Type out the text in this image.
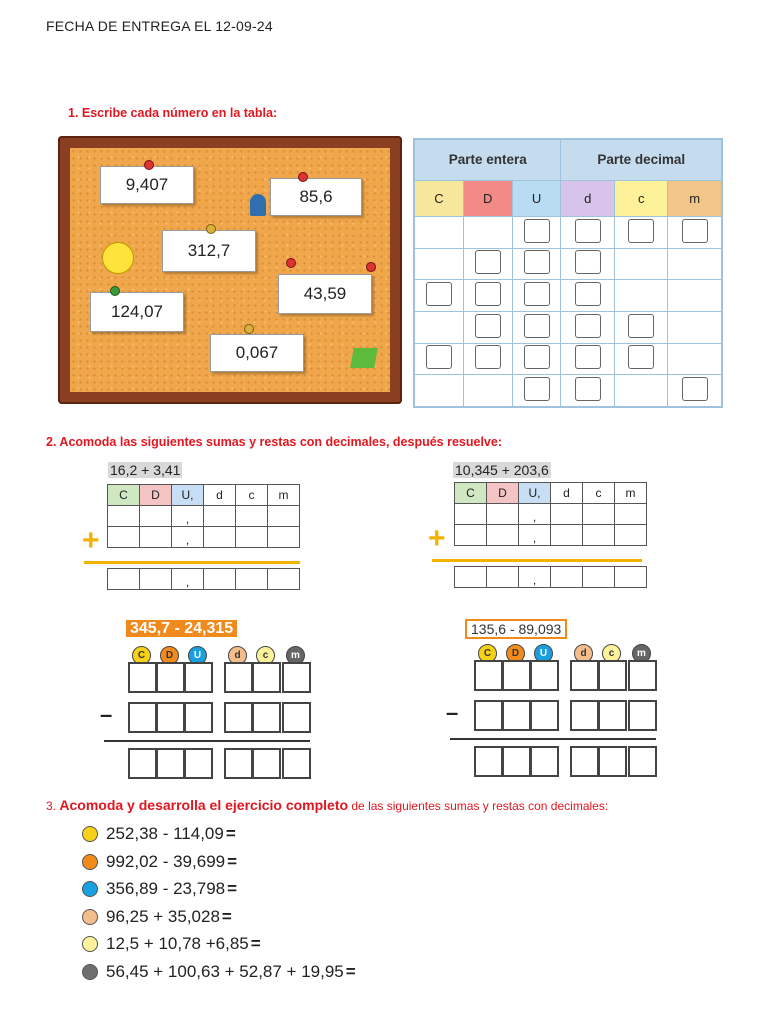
FECHA DE ENTREGA EL 12-09-24
1. Escribe cada número en la tabla:
9,407
85,6
312,7
43,59
124,07
0,067
Parte entera			Parte decimal		
C	D	U	d	c	m

2. Acomoda las siguientes sumas y restas con decimales, después resuelve:
16,2 + 3,41
C	D	U,	d	c	m
		,			
		,			
+
		,			
10,345 + 203,6
C	D	U,	d	c	m
		,			
		,			
+
		,			
345,7 - 24,315
C	D	U	d	c	m
–
135,6 - 89,093
C	D	U	d	c	m
–
3. Acomoda y desarrolla el ejercicio completo de las siguientes sumas y restas con decimales:
252,38 - 114,09 =
992,02 - 39,699 =
356,89 - 23,798 =
96,25 + 35,028 =
12,5 + 10,78 +6,85 =
56,45 + 100,63 + 52,87 + 19,95 =
